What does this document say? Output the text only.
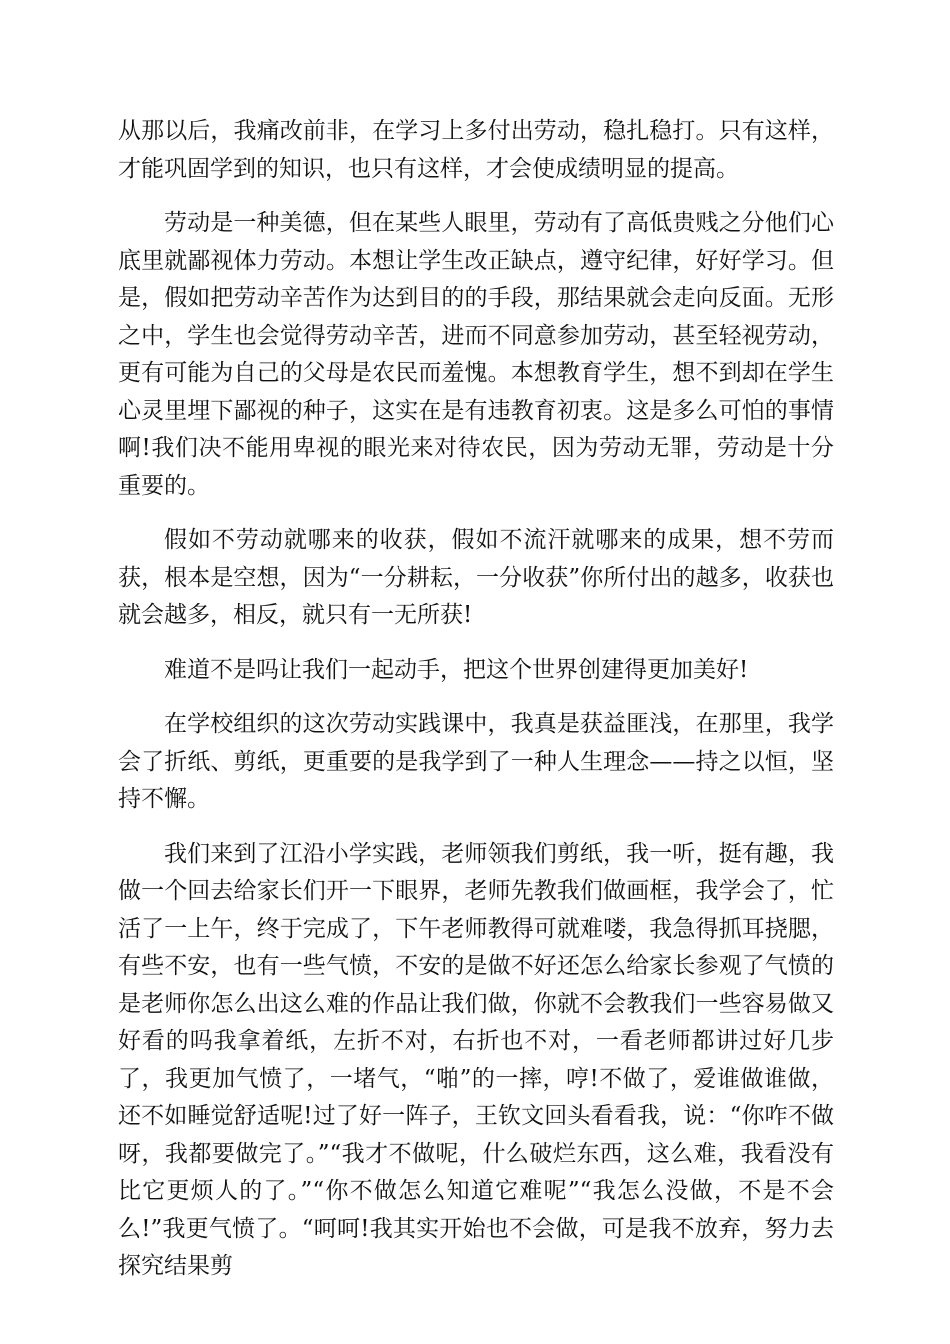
从那以后，我痛改前非，在学习上多付出劳动，稳扎稳打。只有这样，才能巩固学到的知识，也只有这样，才会使成绩明显的提高。

劳动是一种美德，但在某些人眼里，劳动有了高低贵贱之分他们心底里就鄙视体力劳动。本想让学生改正缺点，遵守纪律，好好学习。但是，假如把劳动辛苦作为达到目的的手段，那结果就会走向反面。无形之中，学生也会觉得劳动辛苦，进而不同意参加劳动，甚至轻视劳动，更有可能为自己的父母是农民而羞愧。本想教育学生，想不到却在学生心灵里埋下鄙视的种子，这实在是有违教育初衷。这是多么可怕的事情啊!我们决不能用卑视的眼光来对待农民，因为劳动无罪，劳动是十分重要的。

假如不劳动就哪来的收获，假如不流汗就哪来的成果，想不劳而获，根本是空想，因为“一分耕耘，一分收获”你所付出的越多，收获也就会越多，相反，就只有一无所获!

难道不是吗让我们一起动手，把这个世界创建得更加美好!

在学校组织的这次劳动实践课中，我真是获益匪浅，在那里，我学会了折纸、剪纸，更重要的是我学到了一种人生理念——持之以恒，坚持不懈。

我们来到了江沿小学实践，老师领我们剪纸，我一听，挺有趣，我做一个回去给家长们开一下眼界，老师先教我们做画框，我学会了，忙活了一上午，终于完成了，下午老师教得可就难喽，我急得抓耳挠腮，有些不安，也有一些气愤，不安的是做不好还怎么给家长参观了气愤的是老师你怎么出这么难的作品让我们做，你就不会教我们一些容易做又好看的吗我拿着纸，左折不对，右折也不对，一看老师都讲过好几步了，我更加气愤了，一堵气，“啪”的一摔，哼!不做了，爱谁做谁做，还不如睡觉舒适呢!过了好一阵子，王钦文回头看看我，说：“你咋不做呀，我都要做完了。”“我才不做呢，什么破烂东西，这么难，我看没有比它更烦人的了。”“你不做怎么知道它难呢”“我怎么没做，不是不会么!”我更气愤了。“呵呵!我其实开始也不会做，可是我不放弃，努力去探究结果剪
